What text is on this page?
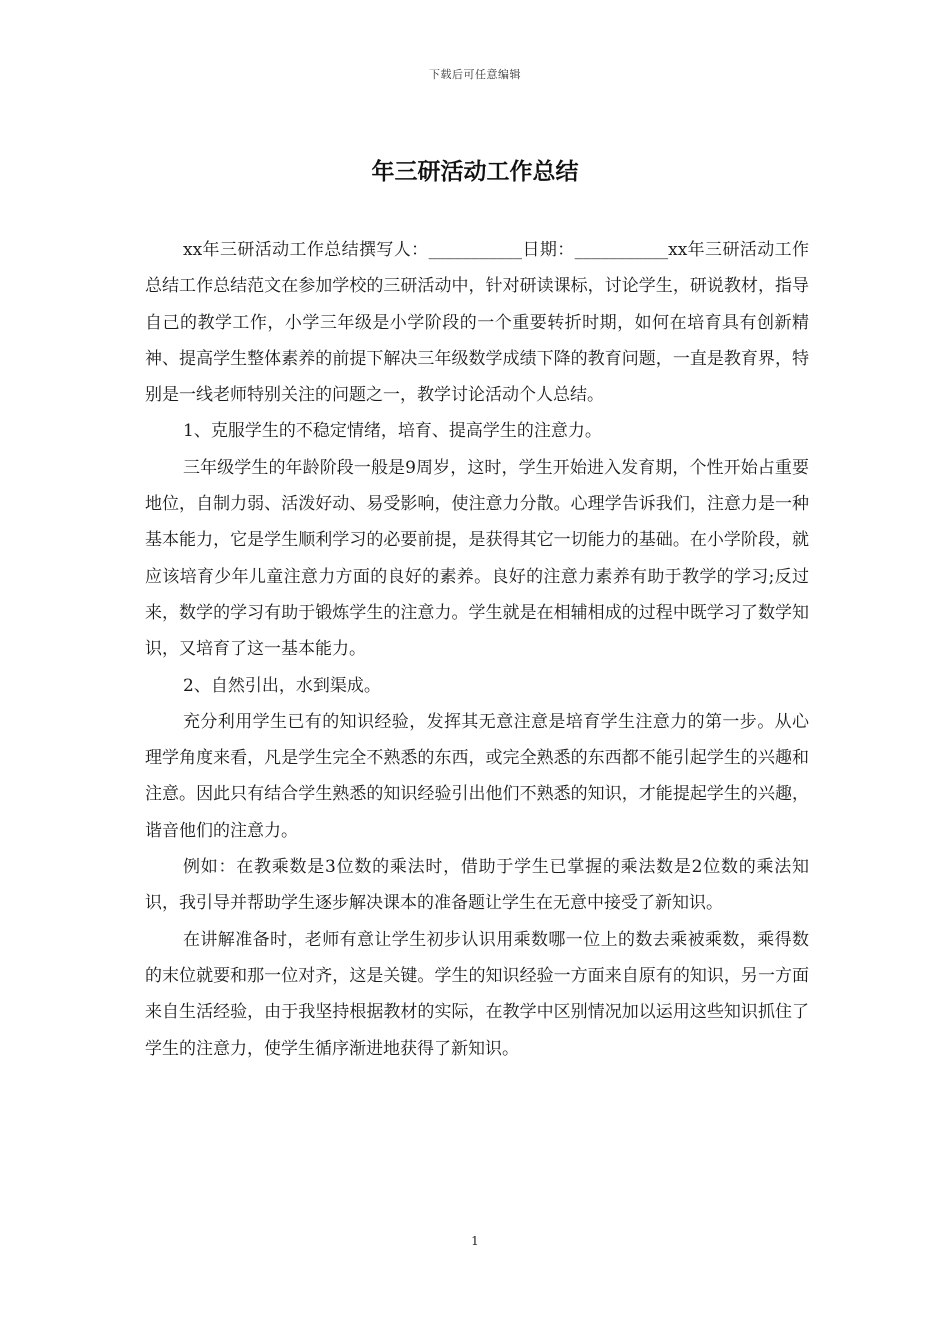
下载后可任意编辑
年三研活动工作总结

xx年三研活动工作总结撰写人：___________日期：___________xx年三研活动工作总结工作总结范文在参加学校的三研活动中，针对研读课标，讨论学生，研说教材，指导自己的教学工作，小学三年级是小学阶段的一个重要转折时期，如何在培育具有创新精神、提高学生整体素养的前提下解决三年级数学成绩下降的教育问题，一直是教育界，特别是一线老师特别关注的问题之一，教学讨论活动个人总结。

1、克服学生的不稳定情绪，培育、提高学生的注意力。

三年级学生的年龄阶段一般是9周岁，这时，学生开始进入发育期，个性开始占重要地位，自制力弱、活泼好动、易受影响，使注意力分散。心理学告诉我们，注意力是一种基本能力，它是学生顺利学习的必要前提，是获得其它一切能力的基础。在小学阶段，就应该培育少年儿童注意力方面的良好的素养。良好的注意力素养有助于教学的学习;反过来，数学的学习有助于锻炼学生的注意力。学生就是在相辅相成的过程中既学习了数学知识，又培育了这一基本能力。

2、自然引出，水到渠成。

充分利用学生已有的知识经验，发挥其无意注意是培育学生注意力的第一步。从心理学角度来看，凡是学生完全不熟悉的东西，或完全熟悉的东西都不能引起学生的兴趣和注意。因此只有结合学生熟悉的知识经验引出他们不熟悉的知识，才能提起学生的兴趣，谐音他们的注意力。

例如：在教乘数是3位数的乘法时，借助于学生已掌握的乘法数是2位数的乘法知识，我引导并帮助学生逐步解决课本的准备题让学生在无意中接受了新知识。

在讲解准备时，老师有意让学生初步认识用乘数哪一位上的数去乘被乘数，乘得数的末位就要和那一位对齐，这是关键。学生的知识经验一方面来自原有的知识，另一方面来自生活经验，由于我坚持根据教材的实际，在教学中区别情况加以运用这些知识抓住了学生的注意力，使学生循序渐进地获得了新知识。

1
